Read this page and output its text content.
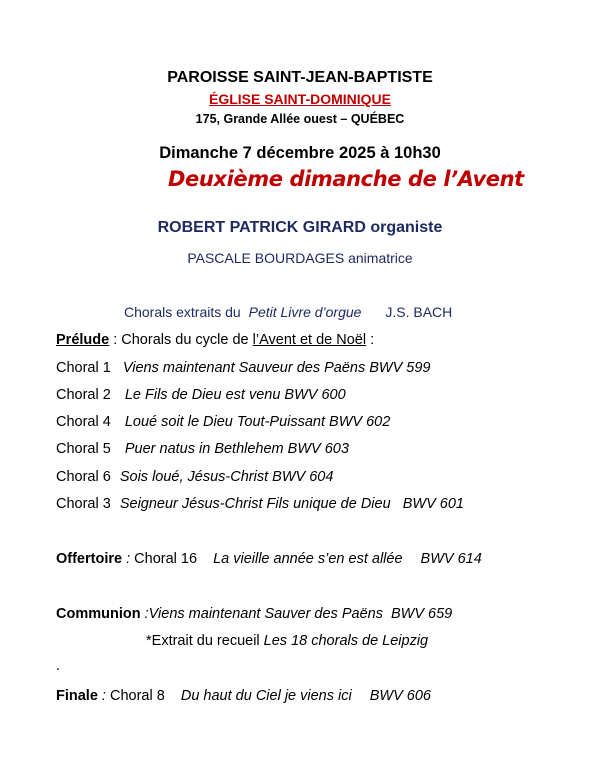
PAROISSE SAINT-JEAN-BAPTISTE
ÉGLISE SAINT-DOMINIQUE
175, Grande Allée ouest – QUÉBEC
Dimanche 7 décembre 2025 à 10h30
Deuxième dimanche de l’Avent
ROBERT PATRICK GIRARD organiste
PASCALE BOURDAGES animatrice
Chorals extraits du Petit Livre d’orgue J.S. BACH
Prélude : Chorals du cycle de l’Avent et de Noël :
Choral 1 Viens maintenant Sauveur des Paëns BWV 599
Choral 2 Le Fils de Dieu est venu BWV 600
Choral 4 Loué soit le Dieu Tout-Puissant BWV 602
Choral 5 Puer natus in Bethlehem BWV 603
Choral 6 Sois loué, Jésus-Christ BWV 604
Choral 3 Seigneur Jésus-Christ Fils unique de Dieu   BWV 601
Offertoire : Choral 16 La vieille année s’en est allée BWV 614
Communion :Viens maintenant Sauver des Paëns  BWV 659
*Extrait du recueil Les 18 chorals de Leipzig
.
Finale : Choral 8 Du haut du Ciel je viens ici BWV 606
